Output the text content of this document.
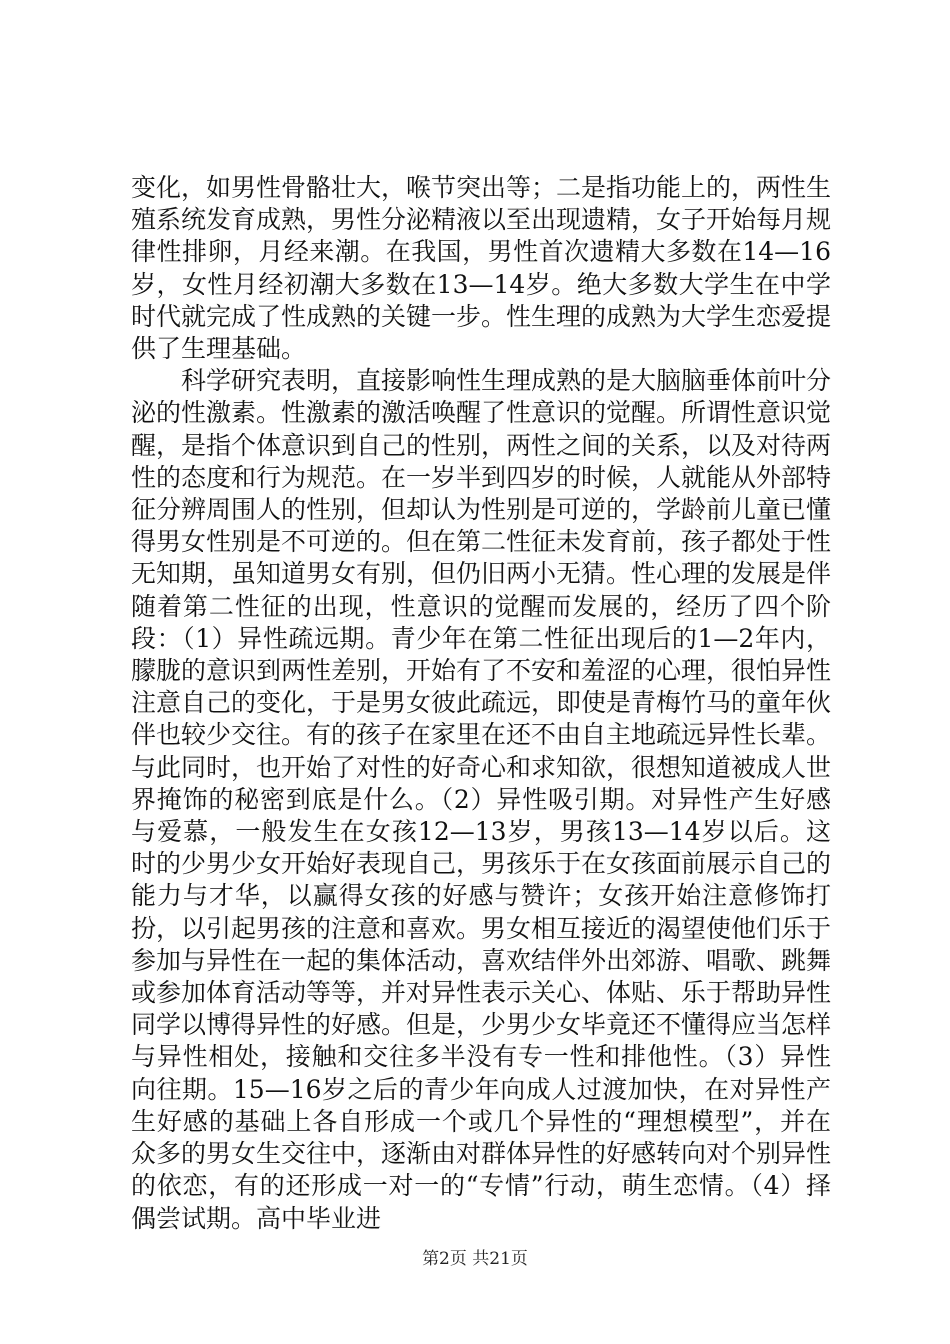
变化，如男性骨骼壮大，喉节突出等；二是指功能上的，两性生殖系统发育成熟，男性分泌精液以至出现遗精，女子开始每月规律性排卵，月经来潮。在我国，男性首次遗精大多数在14—16岁，女性月经初潮大多数在13—14岁。绝大多数大学生在中学时代就完成了性成熟的关键一步。性生理的成熟为大学生恋爱提供了生理基础。

科学研究表明，直接影响性生理成熟的是大脑脑垂体前叶分泌的性激素。性激素的激活唤醒了性意识的觉醒。所谓性意识觉醒，是指个体意识到自己的性别，两性之间的关系，以及对待两性的态度和行为规范。在一岁半到四岁的时候，人就能从外部特征分辨周围人的性别，但却认为性别是可逆的，学龄前儿童已懂得男女性别是不可逆的。但在第二性征未发育前，孩子都处于性无知期，虽知道男女有别，但仍旧两小无猜。性心理的发展是伴随着第二性征的出现，性意识的觉醒而发展的，经历了四个阶段：（1）异性疏远期。青少年在第二性征出现后的1—2年内，朦胧的意识到两性差别，开始有了不安和羞涩的心理，很怕异性注意自己的变化，于是男女彼此疏远，即使是青梅竹马的童年伙伴也较少交往。有的孩子在家里在还不由自主地疏远异性长辈。与此同时，也开始了对性的好奇心和求知欲，很想知道被成人世界掩饰的秘密到底是什么。（2）异性吸引期。对异性产生好感与爱慕，一般发生在女孩12—13岁，男孩13—14岁以后。这时的少男少女开始好表现自己，男孩乐于在女孩面前展示自己的能力与才华，以赢得女孩的好感与赞许；女孩开始注意修饰打扮，以引起男孩的注意和喜欢。男女相互接近的渴望使他们乐于参加与异性在一起的集体活动，喜欢结伴外出郊游、唱歌、跳舞或参加体育活动等等，并对异性表示关心、体贴、乐于帮助异性同学以博得异性的好感。但是，少男少女毕竟还不懂得应当怎样与异性相处，接触和交往多半没有专一性和排他性。（3）异性向往期。15—16岁之后的青少年向成人过渡加快，在对异性产生好感的基础上各自形成一个或几个异性的“理想模型”，并在众多的男女生交往中，逐渐由对群体异性的好感转向对个别异性的依恋，有的还形成一对一的“专情”行动，萌生恋情。（4）择偶尝试期。高中毕业进

第2页 共21页
